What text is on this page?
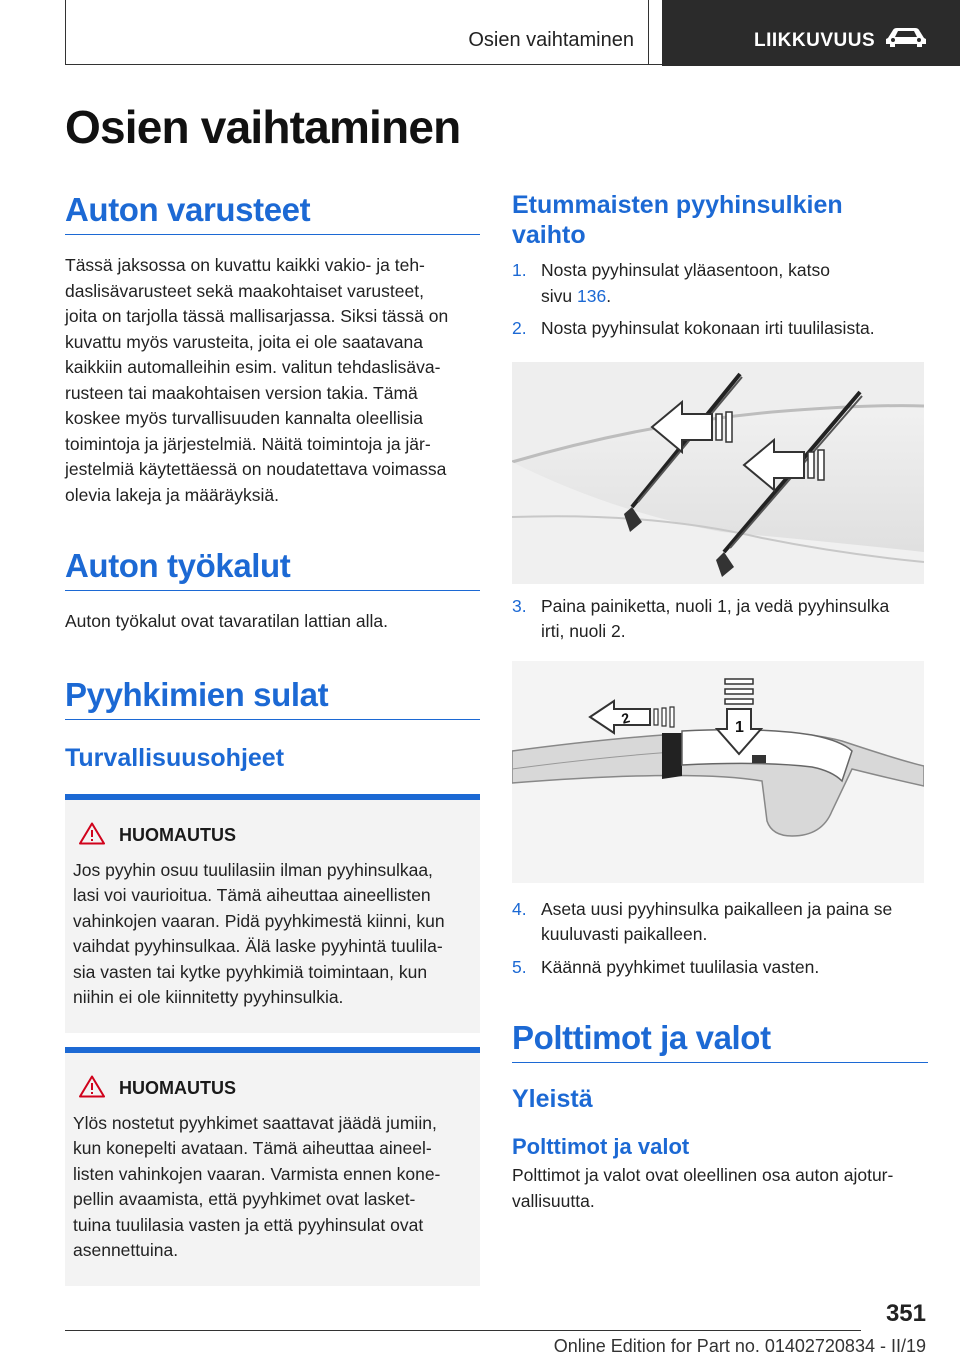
Osien vaihtaminen	LIIKKUVUUS
Osien vaihtaminen
Auton varusteet
Tässä jaksossa on kuvattu kaikki vakio- ja teh-
daslisävarusteet sekä maakohtaiset varusteet,
joita on tarjolla tässä mallisarjassa. Siksi tässä on
kuvattu myös varusteita, joita ei ole saatavana
kaikkiin automalleihin esim. valitun tehdaslisäva-
rusteen tai maakohtaisen version takia. Tämä
koskee myös turvallisuuden kannalta oleellisia
toimintoja ja järjestelmiä. Näitä toimintoja ja jär-
jestelmiä käytettäessä on noudatettava voimassa
olevia lakeja ja määräyksiä.
Auton työkalut
Auton työkalut ovat tavaratilan lattian alla.
Pyyhkimien sulat
Turvallisuusohjeet
HUOMAUTUS
Jos pyyhin osuu tuulilasiin ilman pyyhinsulkaa,
lasi voi vaurioitua. Tämä aiheuttaa aineellisten
vahinkojen vaaran. Pidä pyyhkimestä kiinni, kun
vaihdat pyyhinsulkaa. Älä laske pyyhintä tuulila-
sia vasten tai kytke pyyhkimiä toimintaan, kun
niihin ei ole kiinnitetty pyyhinsulkia.
HUOMAUTUS
Ylös nostetut pyyhkimet saattavat jäädä jumiin,
kun konepelti avataan. Tämä aiheuttaa aineel-
listen vahinkojen vaaran. Varmista ennen kone-
pellin avaamista, että pyyhkimet ovat lasket-
tuina tuulilasia vasten ja että pyyhinsulat ovat
asennettuina.
Etummaisten pyyhinsulkien
vaihto
1. Nosta pyyhinsulat yläasentoon, katso
sivu 136.
2. Nosta pyyhinsulat kokonaan irti tuulilasista.
3. Paina painiketta, nuoli 1, ja vedä pyyhinsulka
irti, nuoli 2.
1
2
4. Aseta uusi pyyhinsulka paikalleen ja paina se
kuuluvasti paikalleen.
5. Käännä pyyhkimet tuulilasia vasten.
Polttimot ja valot
Yleistä
Polttimot ja valot
Polttimot ja valot ovat oleellinen osa auton ajotur-
vallisuutta.
351
Online Edition for Part no. 01402720834 - II/19
